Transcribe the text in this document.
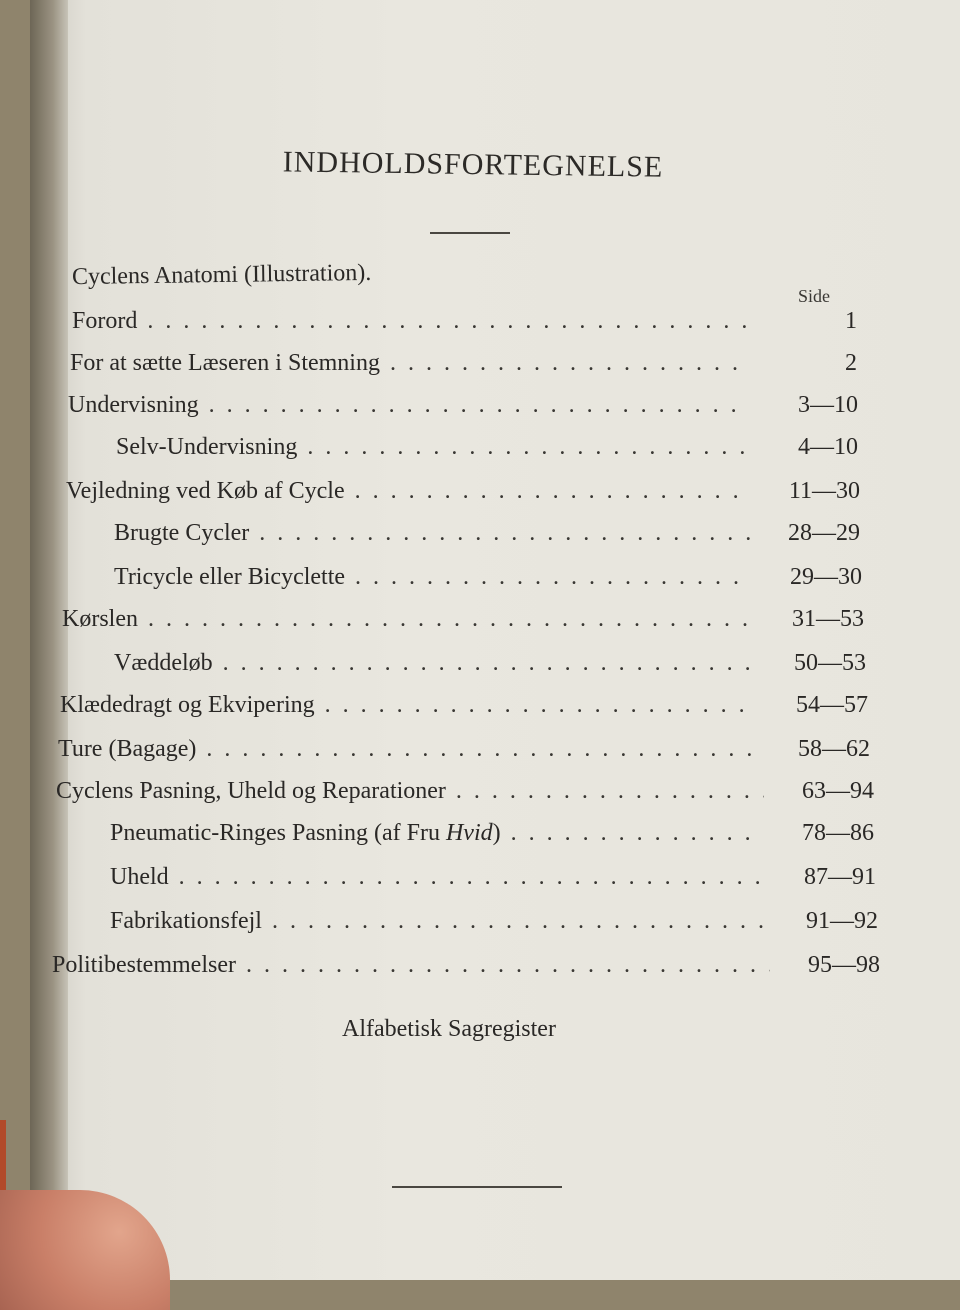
INDHOLDSFORTEGNELSE
Cyclens Anatomi (Illustration).
Side
Forord . . .	1
For at sætte Læseren i Stemning . . .	2
Undervisning . . .	3—10
Selv-Undervisning . . .	4—10
Vejledning ved Køb af Cycle . . .	11—30
Brugte Cycler . . .	28—29
Tricycle eller Bicyclette . . .	29—30
Kørslen . . .	31—53
Væddeløb . . .	50—53
Klædedragt og Ekvipering . . .	54—57
Ture (Bagage) . . .	58—62
Cyclens Pasning, Uheld og Reparationer . . .	63—94
Pneumatic-Ringes Pasning (af Fru Hvid) . . .	78—86
Uheld . . .	87—91
Fabrikationsfejl . . .	91—92
Politibestemmelser . . .	95—98
Alfabetisk Sagregister
